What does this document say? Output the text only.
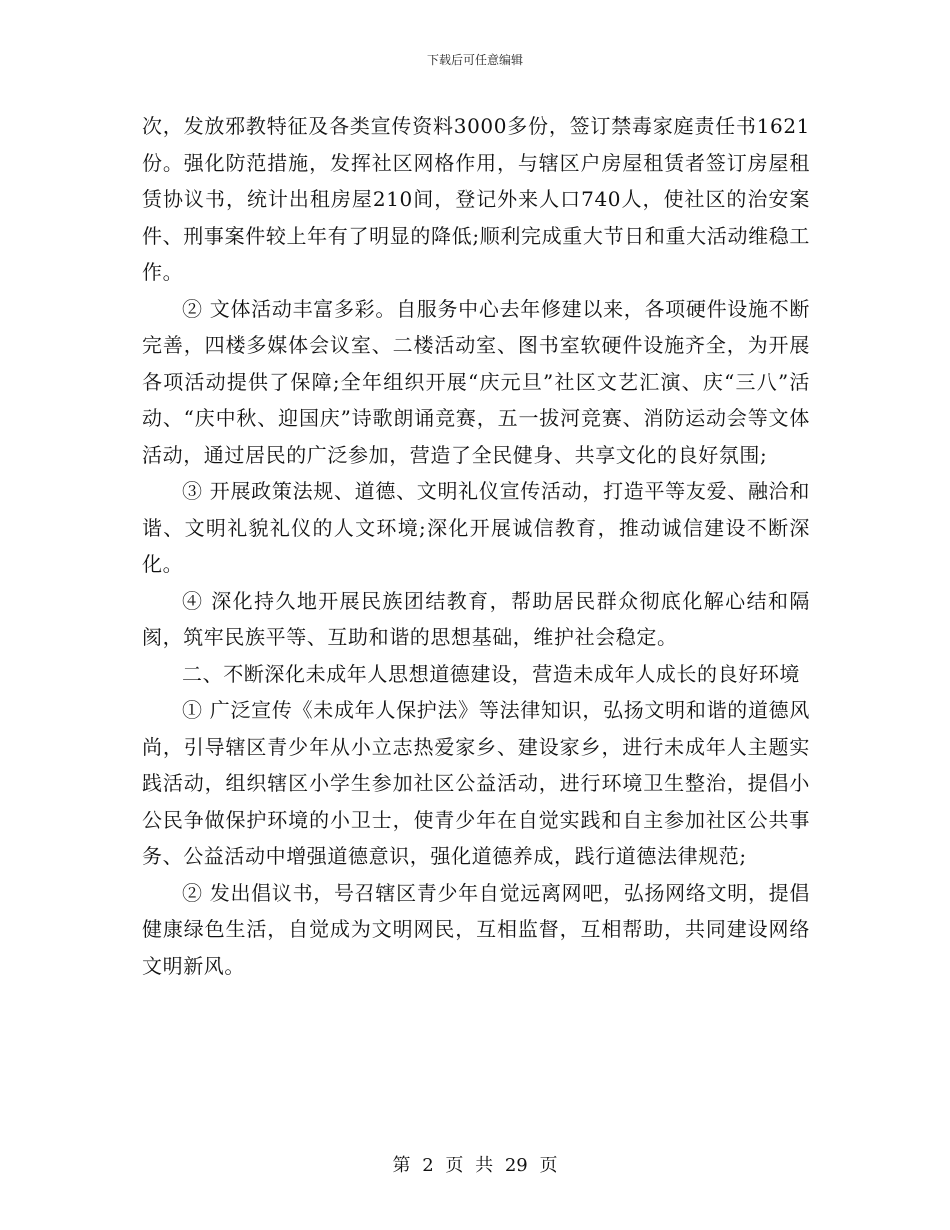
下载后可任意编辑

次，发放邪教特征及各类宣传资料3000多份，签订禁毒家庭责任书1621份。强化防范措施，发挥社区网格作用，与辖区户房屋租赁者签订房屋租赁协议书，统计出租房屋210间，登记外来人口740人，使社区的治安案件、刑事案件较上年有了明显的降低;顺利完成重大节日和重大活动维稳工作。

② 文体活动丰富多彩。自服务中心去年修建以来，各项硬件设施不断完善，四楼多媒体会议室、二楼活动室、图书室软硬件设施齐全，为开展各项活动提供了保障;全年组织开展“庆元旦”社区文艺汇演、庆“三八”活动、“庆中秋、迎国庆”诗歌朗诵竞赛，五一拔河竞赛、消防运动会等文体活动，通过居民的广泛参加，营造了全民健身、共享文化的良好氛围;

③ 开展政策法规、道德、文明礼仪宣传活动，打造平等友爱、融洽和谐、文明礼貌礼仪的人文环境;深化开展诚信教育，推动诚信建设不断深化。

④ 深化持久地开展民族团结教育，帮助居民群众彻底化解心结和隔阂，筑牢民族平等、互助和谐的思想基础，维护社会稳定。

二、不断深化未成年人思想道德建设，营造未成年人成长的良好环境

① 广泛宣传《未成年人保护法》等法律知识，弘扬文明和谐的道德风尚，引导辖区青少年从小立志热爱家乡、建设家乡，进行未成年人主题实践活动，组织辖区小学生参加社区公益活动，进行环境卫生整治，提倡小公民争做保护环境的小卫士，使青少年在自觉实践和自主参加社区公共事务、公益活动中增强道德意识，强化道德养成，践行道德法律规范;

② 发出倡议书，号召辖区青少年自觉远离网吧，弘扬网络文明，提倡健康绿色生活，自觉成为文明网民，互相监督，互相帮助，共同建设网络文明新风。

第 2 页 共 29 页
